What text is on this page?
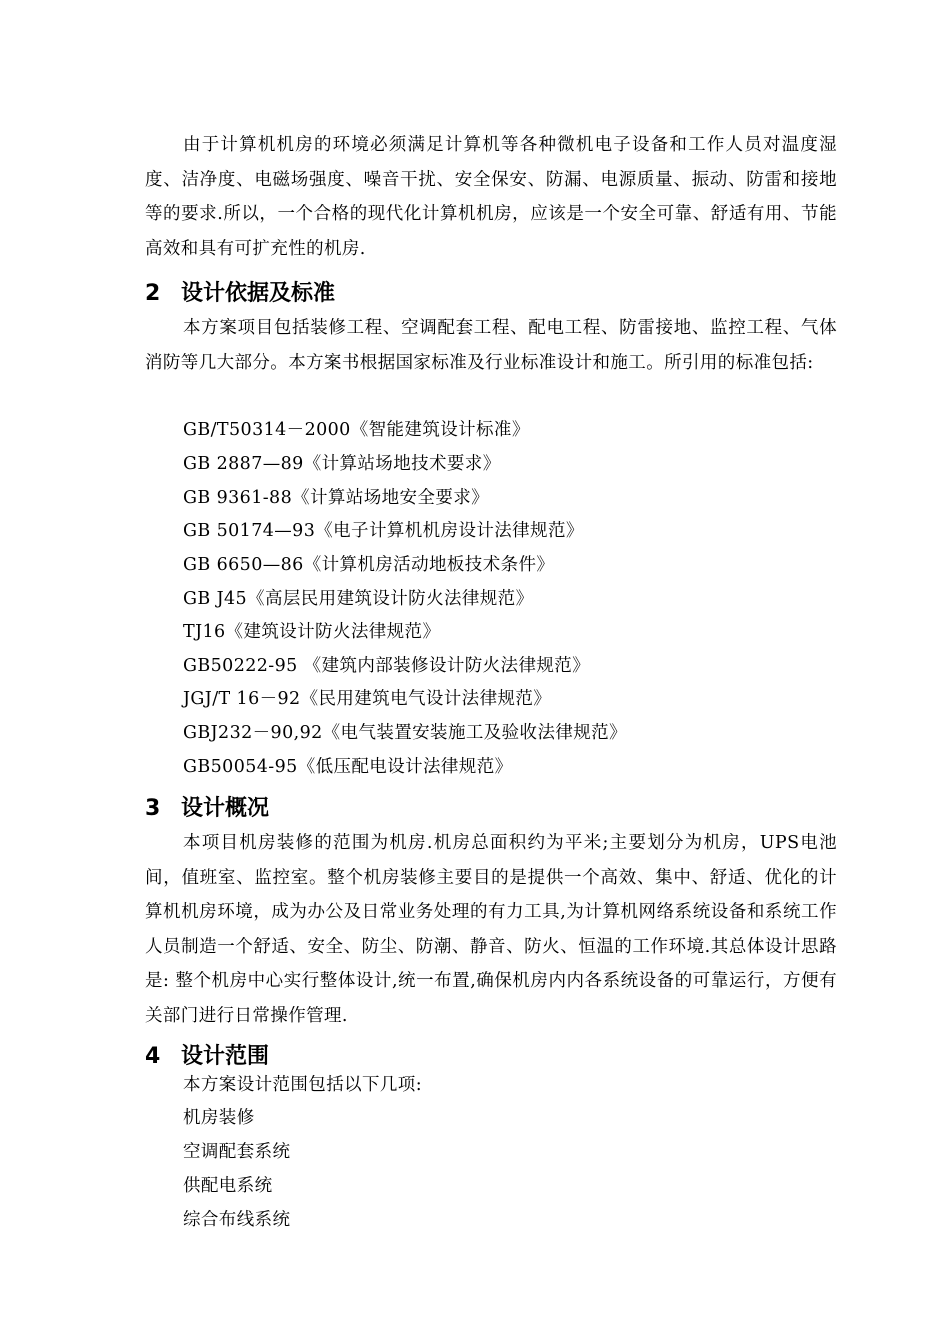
由于计算机机房的环境必须满足计算机等各种微机电子设备和工作人员对温度湿度、洁净度、电磁场强度、噪音干扰、安全保安、防漏、电源质量、振动、防雷和接地等的要求.所以，一个合格的现代化计算机机房，应该是一个安全可靠、舒适有用、节能高效和具有可扩充性的机房.

2 设计依据及标准

本方案项目包括装修工程、空调配套工程、配电工程、防雷接地、监控工程、气体消防等几大部分。本方案书根据国家标准及行业标准设计和施工。所引用的标准包括:

GB/T50314－2000《智能建筑设计标准》

GB 2887—89《计算站场地技术要求》

GB 9361-88《计算站场地安全要求》

GB 50174—93《电子计算机机房设计法律规范》

GB 6650—86《计算机房活动地板技术条件》

GB J45《高层民用建筑设计防火法律规范》

TJ16《建筑设计防火法律规范》

GB50222-95 《建筑内部装修设计防火法律规范》

JGJ/T 16－92《民用建筑电气设计法律规范》

GBJ232－90,92《电气装置安装施工及验收法律规范》

GB50054-95《低压配电设计法律规范》

3 设计概况

本项目机房装修的范围为机房.机房总面积约为平米;主要划分为机房，UPS电池间，值班室、监控室。整个机房装修主要目的是提供一个高效、集中、舒适、优化的计算机机房环境，成为办公及日常业务处理的有力工具,为计算机网络系统设备和系统工作人员制造一个舒适、安全、防尘、防潮、静音、防火、恒温的工作环境.其总体设计思路是: 整个机房中心实行整体设计,统一布置,确保机房内内各系统设备的可靠运行，方便有关部门进行日常操作管理.

4 设计范围

本方案设计范围包括以下几项:

机房装修

空调配套系统

供配电系统

综合布线系统
